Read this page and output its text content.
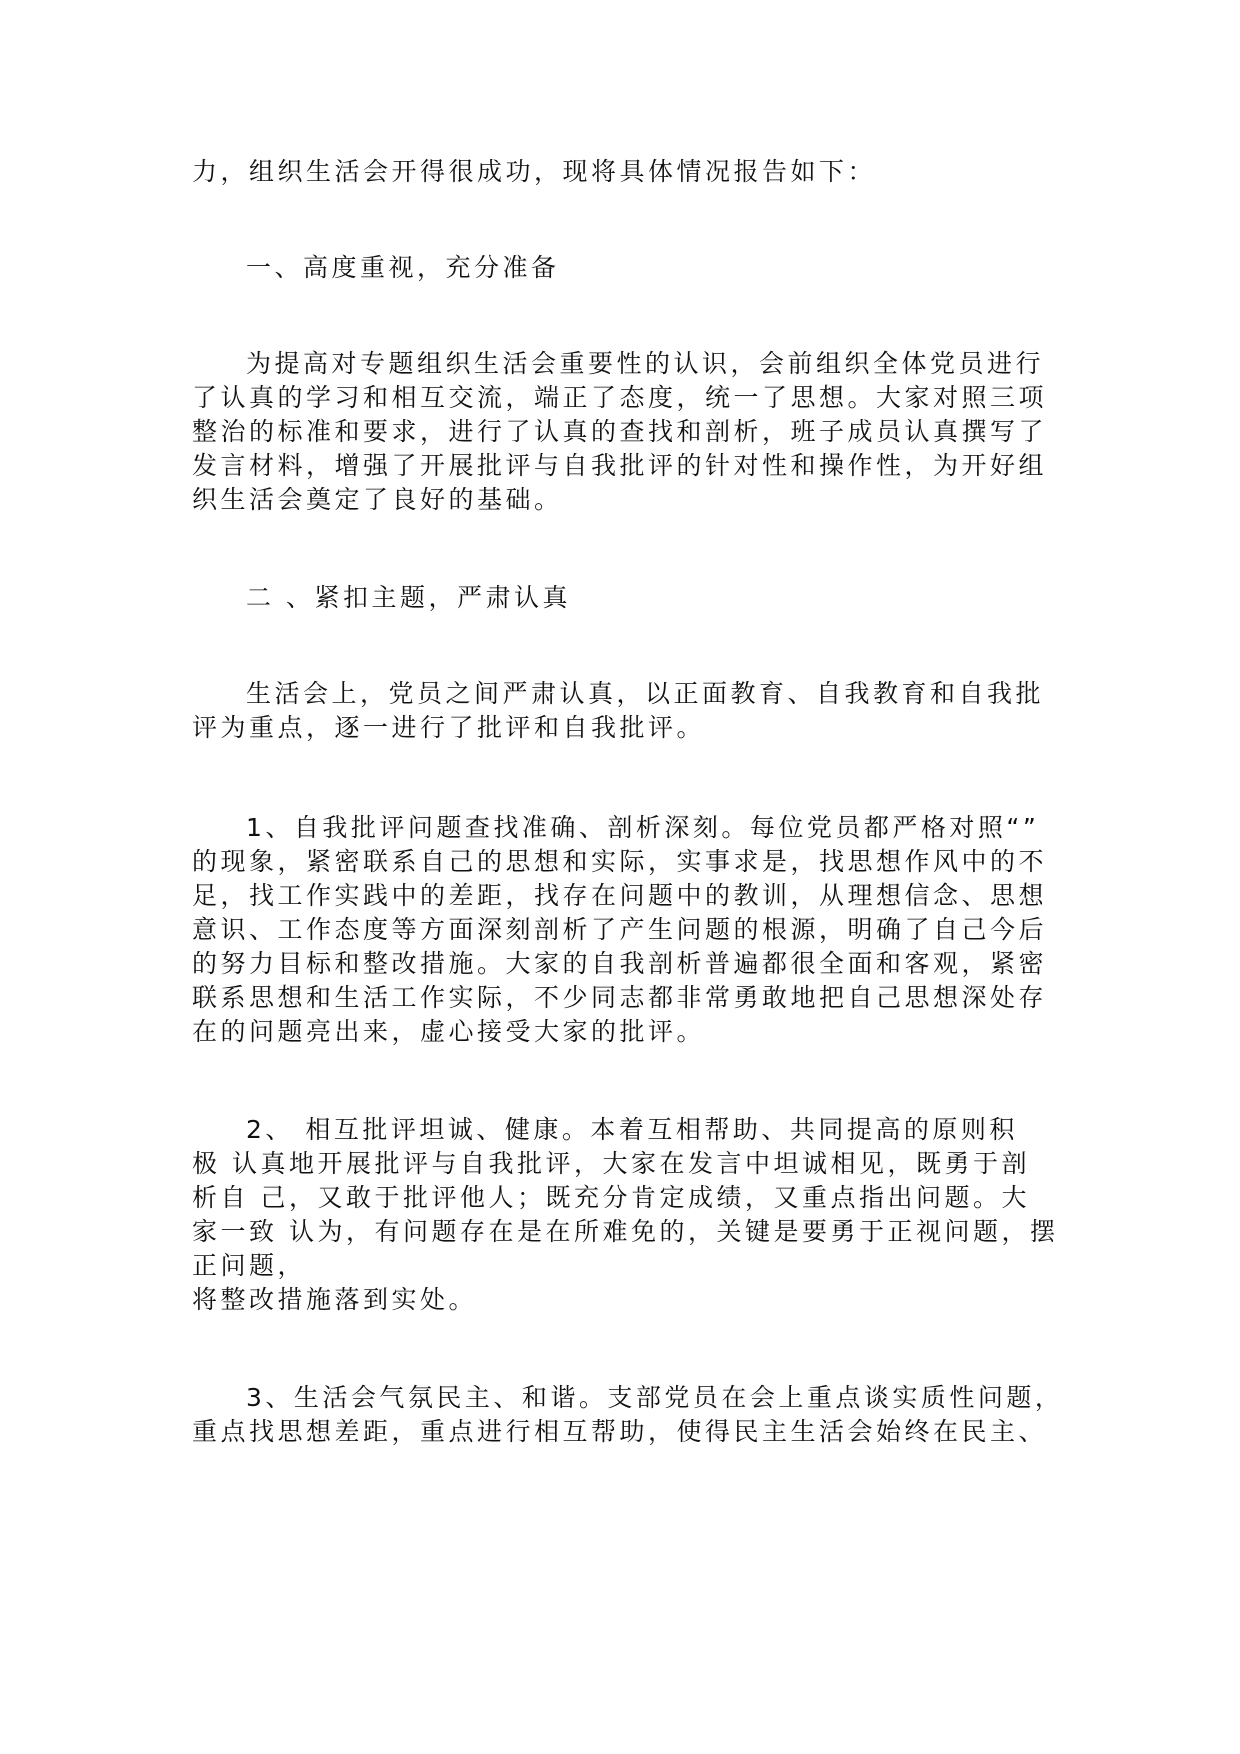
力，组织生活会开得很成功，现将具体情况报告如下：

一、高度重视，充分准备

为提高对专题组织生活会重要性的认识，会前组织全体党员进行

了认真的学习和相互交流，端正了态度，统一了思想。大家对照三项

整治的标准和要求，进行了认真的查找和剖析，班子成员认真撰写了

发言材料，增强了开展批评与自我批评的针对性和操作性，为开好组

织生活会奠定了良好的基础。

二 、紧扣主题，严肃认真

生活会上，党员之间严肃认真，以正面教育、自我教育和自我批

评为重点，逐一进行了批评和自我批评。

1、自我批评问题查找准确、剖析深刻。每位党员都严格对照“”

的现象，紧密联系自己的思想和实际，实事求是，找思想作风中的不

足，找工作实践中的差距，找存在问题中的教训，从理想信念、思想

意识、工作态度等方面深刻剖析了产生问题的根源，明确了自己今后

的努力目标和整改措施。大家的自我剖析普遍都很全面和客观，紧密

联系思想和生活工作实际，不少同志都非常勇敢地把自己思想深处存

在的问题亮出来，虚心接受大家的批评。

2、 相互批评坦诚、健康。本着互相帮助、共同提高的原则积

极 认真地开展批评与自我批评，大家在发言中坦诚相见，既勇于剖

析自 己，又敢于批评他人；既充分肯定成绩，又重点指出问题。大

家一致 认为，有问题存在是在所难免的，关键是要勇于正视问题，摆

正问题，

将整改措施落到实处。

3、生活会气氛民主、和谐。支部党员在会上重点谈实质性问题，

重点找思想差距，重点进行相互帮助，使得民主生活会始终在民主、
